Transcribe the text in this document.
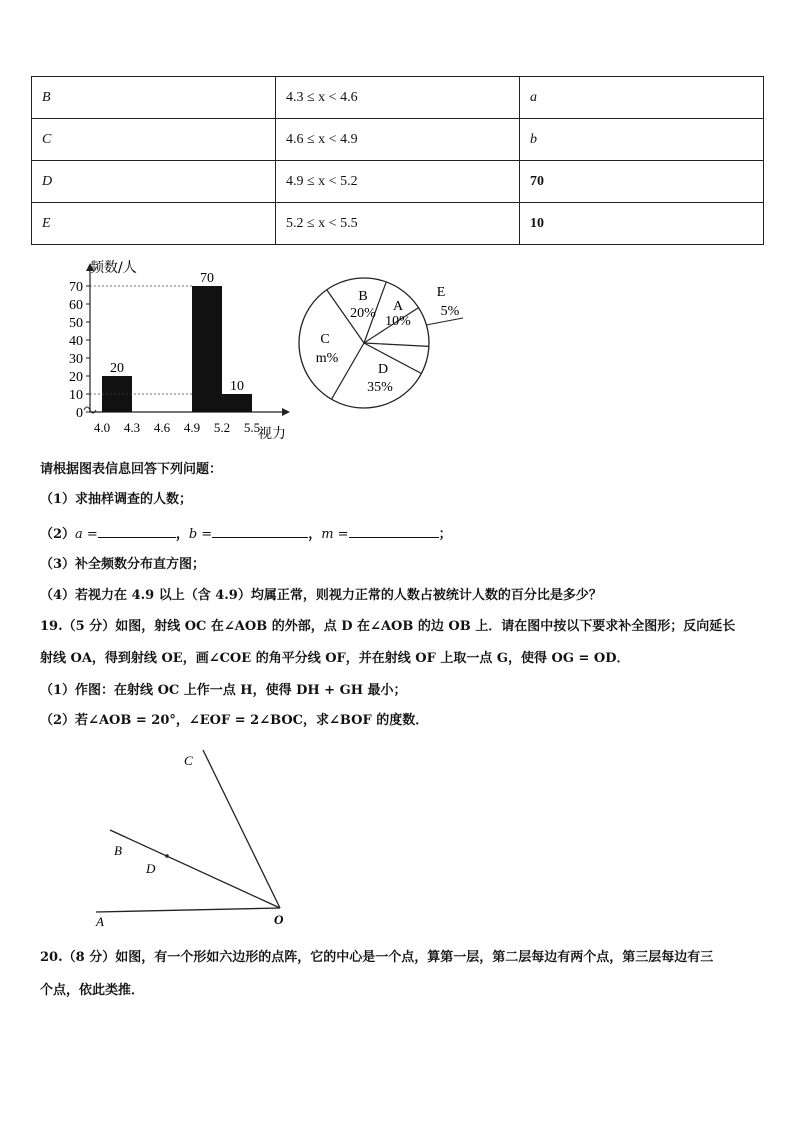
B	4.3 ≤ x < 4.6	a
C	4.6 ≤ x < 4.9	b
D	4.9 ≤ x < 5.2	70
E	5.2 ≤ x < 5.5	10
0
10
20
30
40
50
60
70
4.0 4.3 4.6 4.9 5.2 5.5
20
70
10
频数/人
视力
B
20% A
10%
C
m%
D
35%
E
5%
请根据图表信息回答下列问题：
（1）求抽样调查的人数；
（2）a =	，b =	，m =	；
（3）补全频数分布直方图；
（4）若视力在 4.9 以上（含 4.9）均属正常，则视力正常的人数占被统计人数的百分比是多少？
19.（5 分）如图，射线 OC 在∠AOB 的外部，点 D 在∠AOB 的边 OB 上．请在图中按以下要求补全图形；反向延长
射线 OA，得到射线 OE，画∠COE 的角平分线 OF，并在射线 OF 上取一点 G，使得 OG = OD．
（1）作图：在射线 OC 上作一点 H，使得 DH + GH 最小；
（2）若∠AOB = 20°，∠EOF = 2∠BOC，求∠BOF 的度数．
C
B
D
A	O
20.（8 分）如图，有一个形如六边形的点阵，它的中心是一个点，算第一层，第二层每边有两个点，第三层每边有三
个点，依此类推．
